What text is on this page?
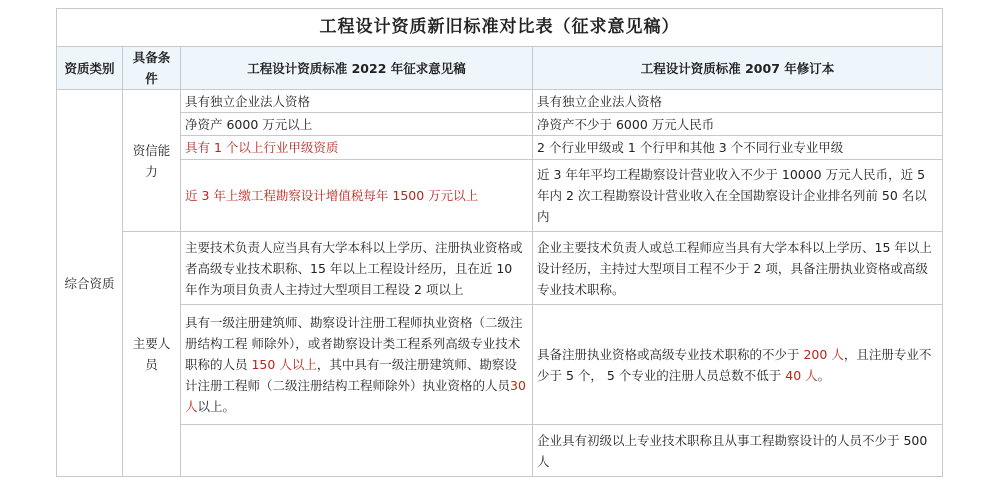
工程设计资质新旧标准对比表（征求意见稿）			
资质类别	具备条件	工程设计资质标准 2022 年征求意见稿	工程设计资质标准 2007 年修订本
综合资质	资信能力	具有独立企业法人资格	具有独立企业法人资格
		净资产 6000 万元以上	净资产不少于 6000 万元人民币
		具有 1 个以上行业甲级资质	2 个行业甲级或 1 个行甲和其他 3 个不同行业专业甲级
		近 3 年上缴工程勘察设计增值税每年 1500 万元以上	近 3 年年平均工程勘察设计营业收入不少于 10000 万元人民币，近 5 年内 2 次工程勘察设计营业收入在全国勘察设计企业排名列前 50 名以内
	主要人员	主要技术负责人应当具有大学本科以上学历、注册执业资格或者高级专业技术职称、15 年以上工程设计经历，且在近 10 年作为项目负责人主持过大型项目工程设 2 项以上	企业主要技术负责人或总工程师应当具有大学本科以上学历、15 年以上设计经历，主持过大型项目工程不少于 2 项，具备注册执业资格或高级专业技术职称。
		具有一级注册建筑师、勘察设计注册工程师执业资格（二级注册结构工程 师除外），或者勘察设计类工程系列高级专业技术职称的人员 150 人以上，其中具有一级注册建筑师、勘察设计注册工程师（二级注册结构工程师除外）执业资格的人员30 人以上。	具备注册执业资格或高级专业技术职称的不少于 200 人，且注册专业不少于 5 个， 5 个专业的注册人员总数不低于 40 人。
			企业具有初级以上专业技术职称且从事工程勘察设计的人员不少于 500 人
